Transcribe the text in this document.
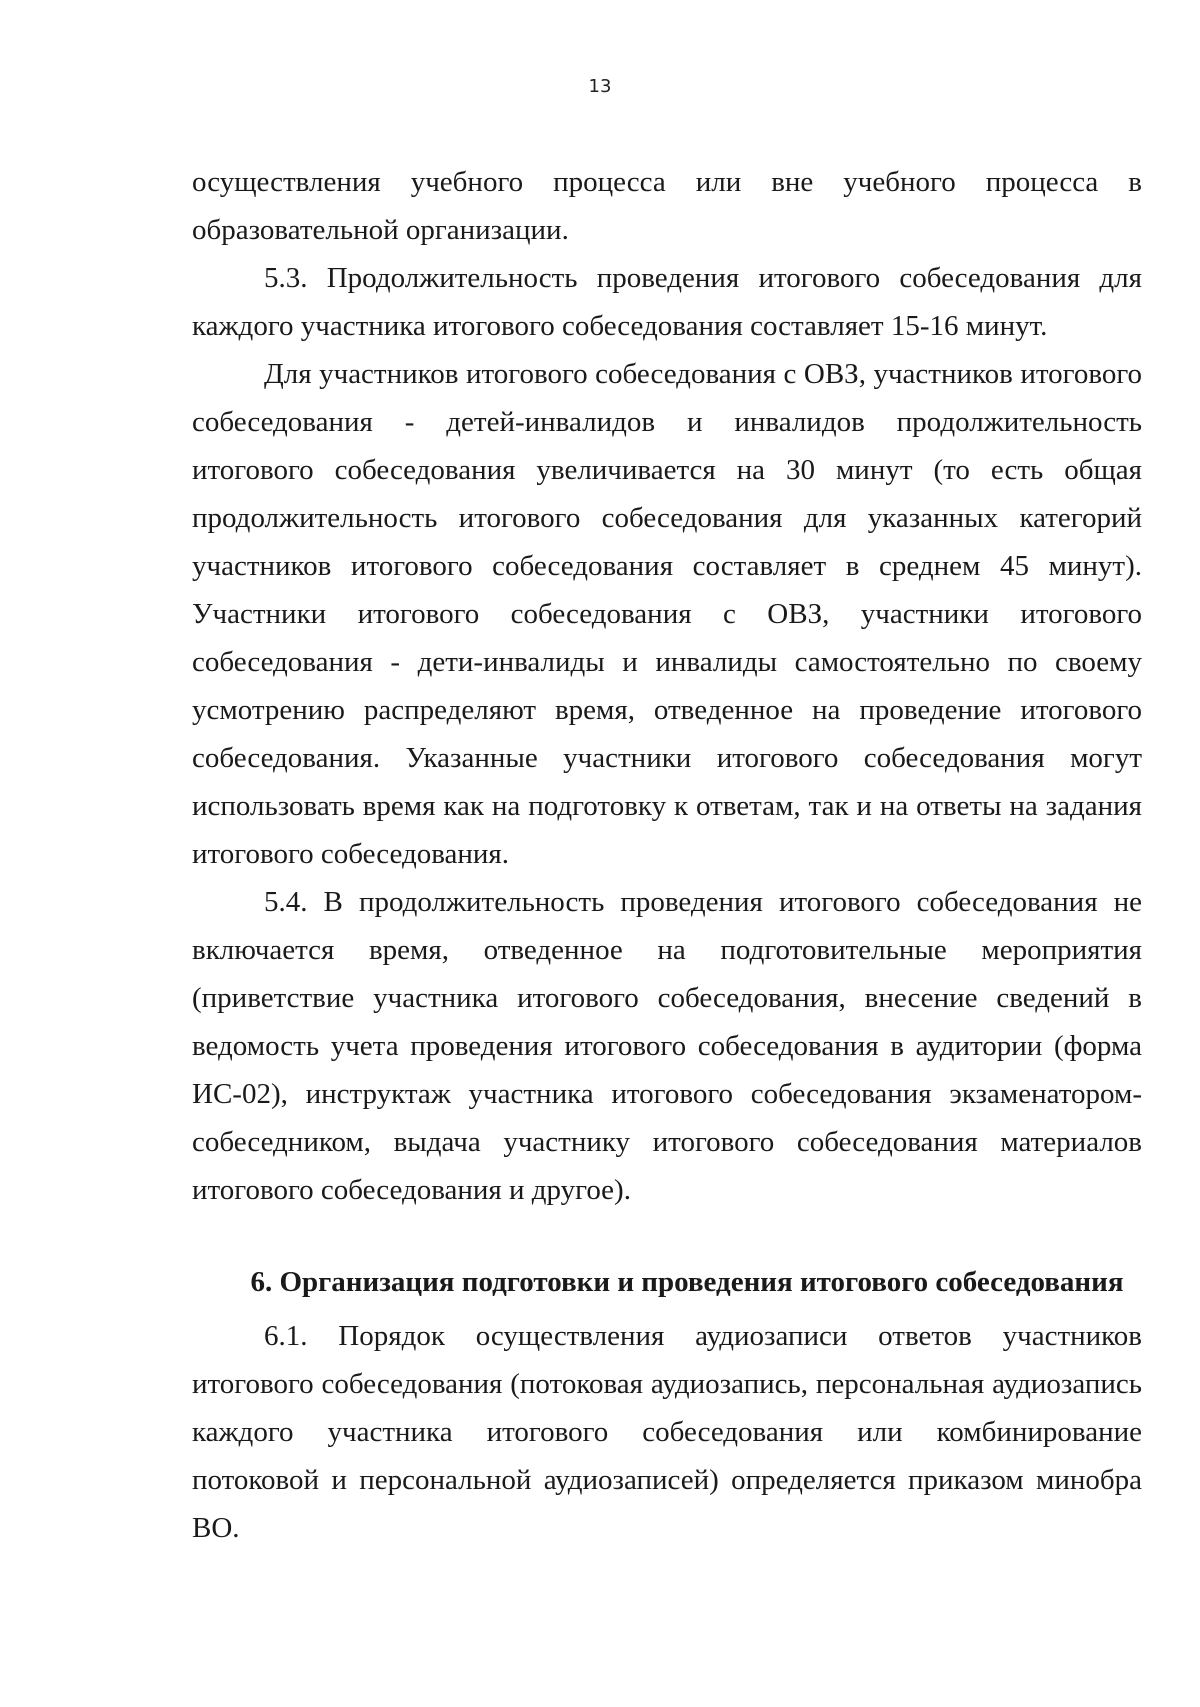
13

осуществления учебного процесса или вне учебного процесса в образовательной организации.

5.3. Продолжительность проведения итогового собеседования для каждого участника итогового собеседования составляет 15-16 минут.

Для участников итогового собеседования с ОВЗ, участников итогового собеседования - детей-инвалидов и инвалидов продолжительность итогового собеседования увеличивается на 30 минут (то есть общая продолжительность итогового собеседования для указанных категорий участников итогового собеседования составляет в среднем 45 минут). Участники итогового собеседования с ОВЗ, участники итогового собеседования - дети-инвалиды и инвалиды самостоятельно по своему усмотрению распределяют время, отведенное на проведение итогового собеседования. Указанные участники итогового собеседования могут использовать время как на подготовку к ответам, так и на ответы на задания итогового собеседования.

5.4. В продолжительность проведения итогового собеседования не включается время, отведенное на подготовительные мероприятия (приветствие участника итогового собеседования, внесение сведений в ведомость учета проведения итогового собеседования в аудитории (форма ИС-02), инструктаж участника итогового собеседования экзаменатором-собеседником, выдача участнику итогового собеседования материалов итогового собеседования и другое).

6. Организация подготовки и проведения итогового собеседования

6.1. Порядок осуществления аудиозаписи ответов участников итогового собеседования (потоковая аудиозапись, персональная аудиозапись каждого участника итогового собеседования или комбинирование потоковой и персональной аудиозаписей) определяется приказом минобра ВО.
